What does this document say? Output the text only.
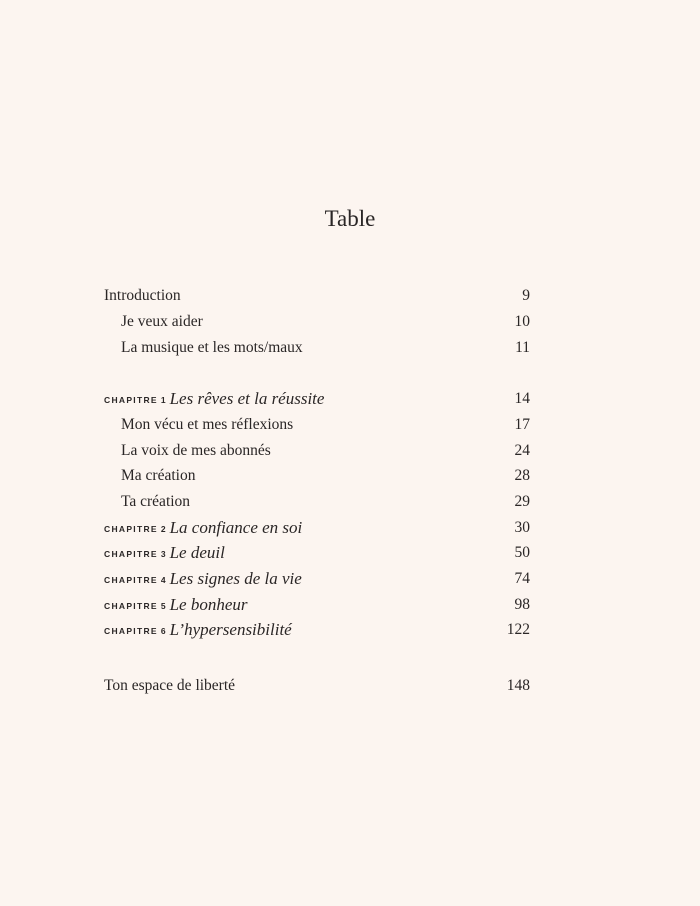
Table
Introduction	9
Je veux aider	10
La musique et les mots/maux	11
CHAPITRE 1 Les rêves et la réussite	14
Mon vécu et mes réflexions	17
La voix de mes abonnés	24
Ma création	28
Ta création	29
CHAPITRE 2 La confiance en soi	30
CHAPITRE 3 Le deuil	50
CHAPITRE 4 Les signes de la vie	74
CHAPITRE 5 Le bonheur	98
CHAPITRE 6 L’hypersensibilité	122
Ton espace de liberté	148
